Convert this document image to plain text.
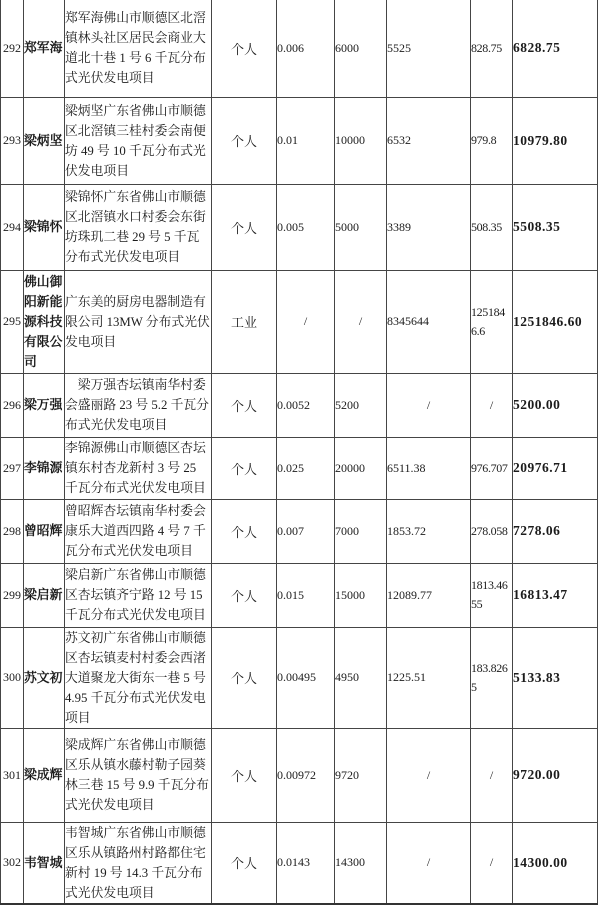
292	郑军海	郑军海佛山市顺德区北滘镇林头社区居民会商业大道北十巷 1 号 6 千瓦分布式光伏发电项目	个人	0.006	6000	5525	828.75	6828.75
293	梁炳坚	梁炳坚广东省佛山市顺德区北滘镇三桂村委会南便坊 49 号 10 千瓦分布式光伏发电项目	个人	0.01	10000	6532	979.8	10979.80
294	梁锦怀	梁锦怀广东省佛山市顺德区北滘镇水口村委会东街坊珠玑二巷 29 号 5 千瓦分布式光伏发电项目	个人	0.005	5000	3389	508.35	5508.35
295	佛山御阳新能源科技有限公司	广东美的厨房电器制造有限公司 13MW 分布式光伏发电项目	工业	/	/	8345644	1251846.6	1251846.60
296	梁万强	　梁万强杏坛镇南华村委会盛丽路 23 号 5.2 千瓦分布式光伏发电项目	个人	0.0052	5200	/	/	5200.00
297	李锦源	李锦源佛山市顺德区杏坛镇东村杏龙新村 3 号 25 千瓦分布式光伏发电项目	个人	0.025	20000	6511.38	976.707	20976.71
298	曾昭辉	曾昭辉杏坛镇南华村委会康乐大道西四路 4 号 7 千瓦分布式光伏发电项目	个人	0.007	7000	1853.72	278.058	7278.06
299	梁启新	梁启新广东省佛山市顺德区杏坛镇齐宁路 12 号 15 千瓦分布式光伏发电项目	个人	0.015	15000	12089.77	1813.4655	16813.47
300	苏文初	苏文初广东省佛山市顺德区杏坛镇麦村村委会西渚大道聚龙大街东一巷 5 号 4.95 千瓦分布式光伏发电项目	个人	0.00495	4950	1225.51	183.8265	5133.83
301	梁成辉	梁成辉广东省佛山市顺德区乐从镇水藤村勒子园葵林三巷 15 号 9.9 千瓦分布式光伏发电项目	个人	0.00972	9720	/	/	9720.00
302	韦智城	韦智城广东省佛山市顺德区乐从镇路州村路都住宅新村 19 号 14.3 千瓦分布式光伏发电项目	个人	0.0143	14300	/	/	14300.00
